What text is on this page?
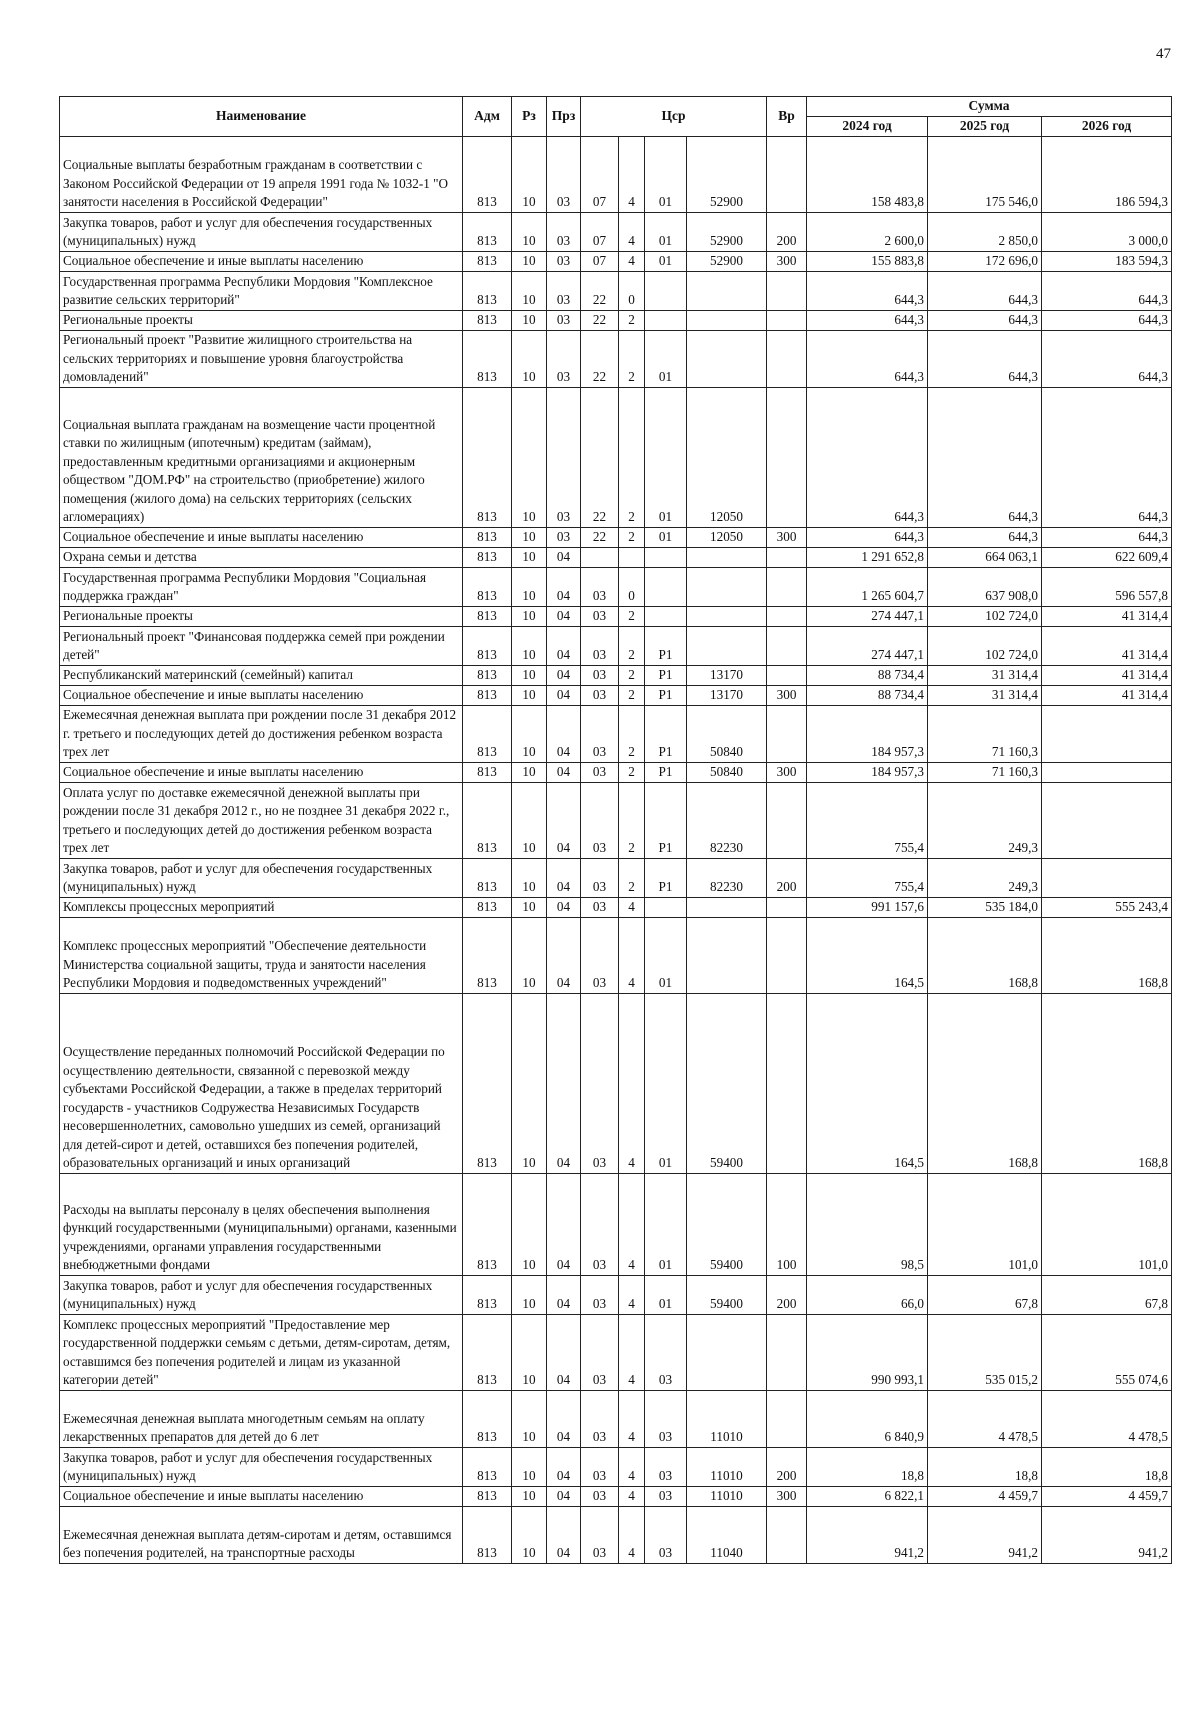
47
Наименование	Адм	Рз	Прз	Цср				Вр	Сумма		
									2024 год	2025 год	2026 год
Социальные выплаты безработным гражданам в соответствии с Законом Российской Федерации от 19 апреля 1991 года № 1032-1 "О занятости населения в Российской Федерации"	813	10	03	07	4	01	52900		158 483,8	175 546,0	186 594,3
Закупка товаров, работ и услуг для обеспечения государственных (муниципальных) нужд	813	10	03	07	4	01	52900	200	2 600,0	2 850,0	3 000,0
Социальное обеспечение и иные выплаты населению	813	10	03	07	4	01	52900	300	155 883,8	172 696,0	183 594,3
Государственная программа Республики Мордовия "Комплексное развитие сельских территорий"	813	10	03	22	0				644,3	644,3	644,3
Региональные проекты	813	10	03	22	2				644,3	644,3	644,3
Региональный проект "Развитие жилищного строительства на сельских территориях и повышение уровня благоустройства домовладений"	813	10	03	22	2	01			644,3	644,3	644,3
Социальная выплата гражданам на возмещение части процентной ставки по жилищным (ипотечным) кредитам (займам), предоставленным кредитными организациями и акционерным обществом "ДОМ.РФ" на строительство (приобретение) жилого помещения (жилого дома) на сельских территориях (сельских агломерациях)	813	10	03	22	2	01	12050		644,3	644,3	644,3
Социальное обеспечение и иные выплаты населению	813	10	03	22	2	01	12050	300	644,3	644,3	644,3
Охрана семьи и детства	813	10	04						1 291 652,8	664 063,1	622 609,4
Государственная программа Республики Мордовия "Социальная поддержка граждан"	813	10	04	03	0				1 265 604,7	637 908,0	596 557,8
Региональные проекты	813	10	04	03	2				274 447,1	102 724,0	41 314,4
Региональный проект "Финансовая поддержка семей при рождении детей"	813	10	04	03	2	P1			274 447,1	102 724,0	41 314,4
Республиканский материнский (семейный) капитал	813	10	04	03	2	P1	13170		88 734,4	31 314,4	41 314,4
Социальное обеспечение и иные выплаты населению	813	10	04	03	2	P1	13170	300	88 734,4	31 314,4	41 314,4
Ежемесячная денежная выплата при рождении после 31 декабря 2012 г. третьего и последующих детей до достижения ребенком возраста трех лет	813	10	04	03	2	P1	50840		184 957,3	71 160,3	
Социальное обеспечение и иные выплаты населению	813	10	04	03	2	P1	50840	300	184 957,3	71 160,3	
Оплата услуг по доставке ежемесячной денежной выплаты при рождении после 31 декабря 2012 г., но не позднее 31 декабря 2022 г., третьего и последующих детей до достижения ребенком возраста трех лет	813	10	04	03	2	P1	82230		755,4	249,3	
Закупка товаров, работ и услуг для обеспечения государственных (муниципальных) нужд	813	10	04	03	2	P1	82230	200	755,4	249,3	
Комплексы процессных мероприятий	813	10	04	03	4				991 157,6	535 184,0	555 243,4
Комплекс процессных мероприятий "Обеспечение деятельности Министерства социальной защиты, труда и занятости населения Республики Мордовия и подведомственных учреждений"	813	10	04	03	4	01			164,5	168,8	168,8
Осуществление переданных полномочий Российской Федерации по осуществлению деятельности, связанной с перевозкой между субъектами Российской Федерации, а также в пределах территорий государств - участников Содружества Независимых Государств несовершеннолетних, самовольно ушедших из семей, организаций для детей-сирот и детей, оставшихся без попечения родителей, образовательных организаций и иных организаций	813	10	04	03	4	01	59400		164,5	168,8	168,8
Расходы на выплаты персоналу в целях обеспечения выполнения функций государственными (муниципальными) органами, казенными учреждениями, органами управления государственными внебюджетными фондами	813	10	04	03	4	01	59400	100	98,5	101,0	101,0
Закупка товаров, работ и услуг для обеспечения государственных (муниципальных) нужд	813	10	04	03	4	01	59400	200	66,0	67,8	67,8
Комплекс процессных мероприятий "Предоставление мер государственной поддержки семьям с детьми, детям-сиротам, детям, оставшимся без попечения родителей и лицам из указанной категории детей"	813	10	04	03	4	03			990 993,1	535 015,2	555 074,6
Ежемесячная денежная выплата многодетным семьям на оплату лекарственных препаратов для детей до 6 лет	813	10	04	03	4	03	11010		6 840,9	4 478,5	4 478,5
Закупка товаров, работ и услуг для обеспечения государственных (муниципальных) нужд	813	10	04	03	4	03	11010	200	18,8	18,8	18,8
Социальное обеспечение и иные выплаты населению	813	10	04	03	4	03	11010	300	6 822,1	4 459,7	4 459,7
Ежемесячная денежная выплата детям-сиротам и детям, оставшимся без попечения родителей, на транспортные расходы	813	10	04	03	4	03	11040		941,2	941,2	941,2
